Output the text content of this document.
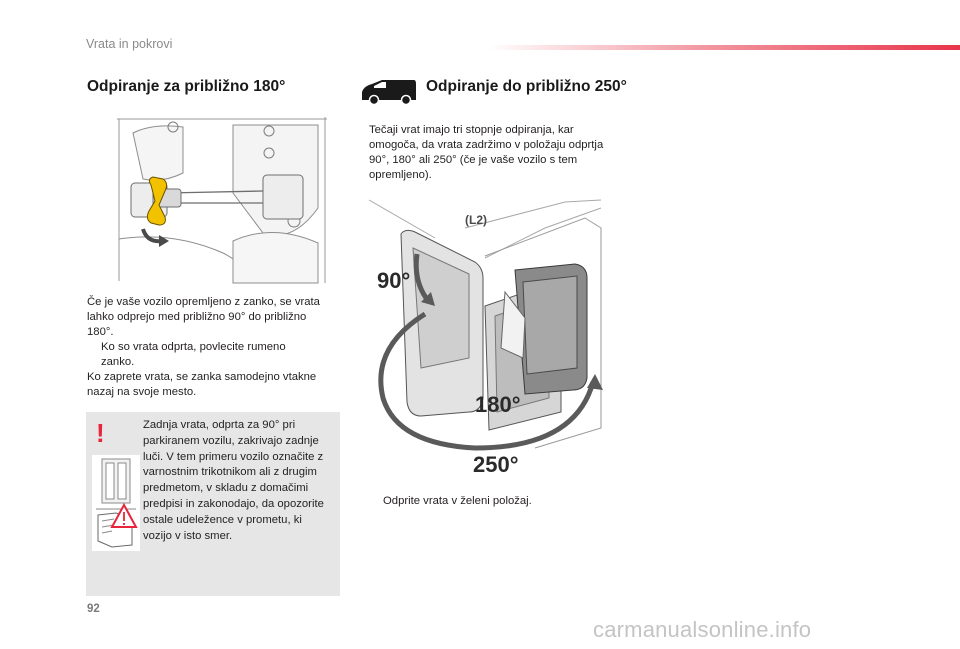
Vrata in pokrovi
Odpiranje za približno 180°
Če je vaše vozilo opremljeno z zanko, se vrata
lahko odprejo med približno 90° do približno
180°.
Ko so vrata odprta, povlecite rumeno
zanko.
Ko zaprete vrata, se zanka samodejno vtakne
nazaj na svoje mesto.
!	Zadnja vrata, odprta za 90° pri
parkiranem vozilu, zakrivajo zadnje
luči. V tem primeru vozilo označite z
varnostnim trikotnikom ali z drugim
predmetom, v skladu z domačimi
predpisi in zakonodajo, da opozorite
ostale udeležence v prometu, ki
vozijo v isto smer.
Odpiranje do približno 250°
Tečaji vrat imajo tri stopnje odpiranja, kar
omogoča, da vrata zadržimo v položaju odprtja
90°, 180° ali 250° (če je vaše vozilo s tem
opremljeno).
(L2)
90°
180°
250°
Odprite vrata v želeni položaj.
92
carmanualsonline.info
